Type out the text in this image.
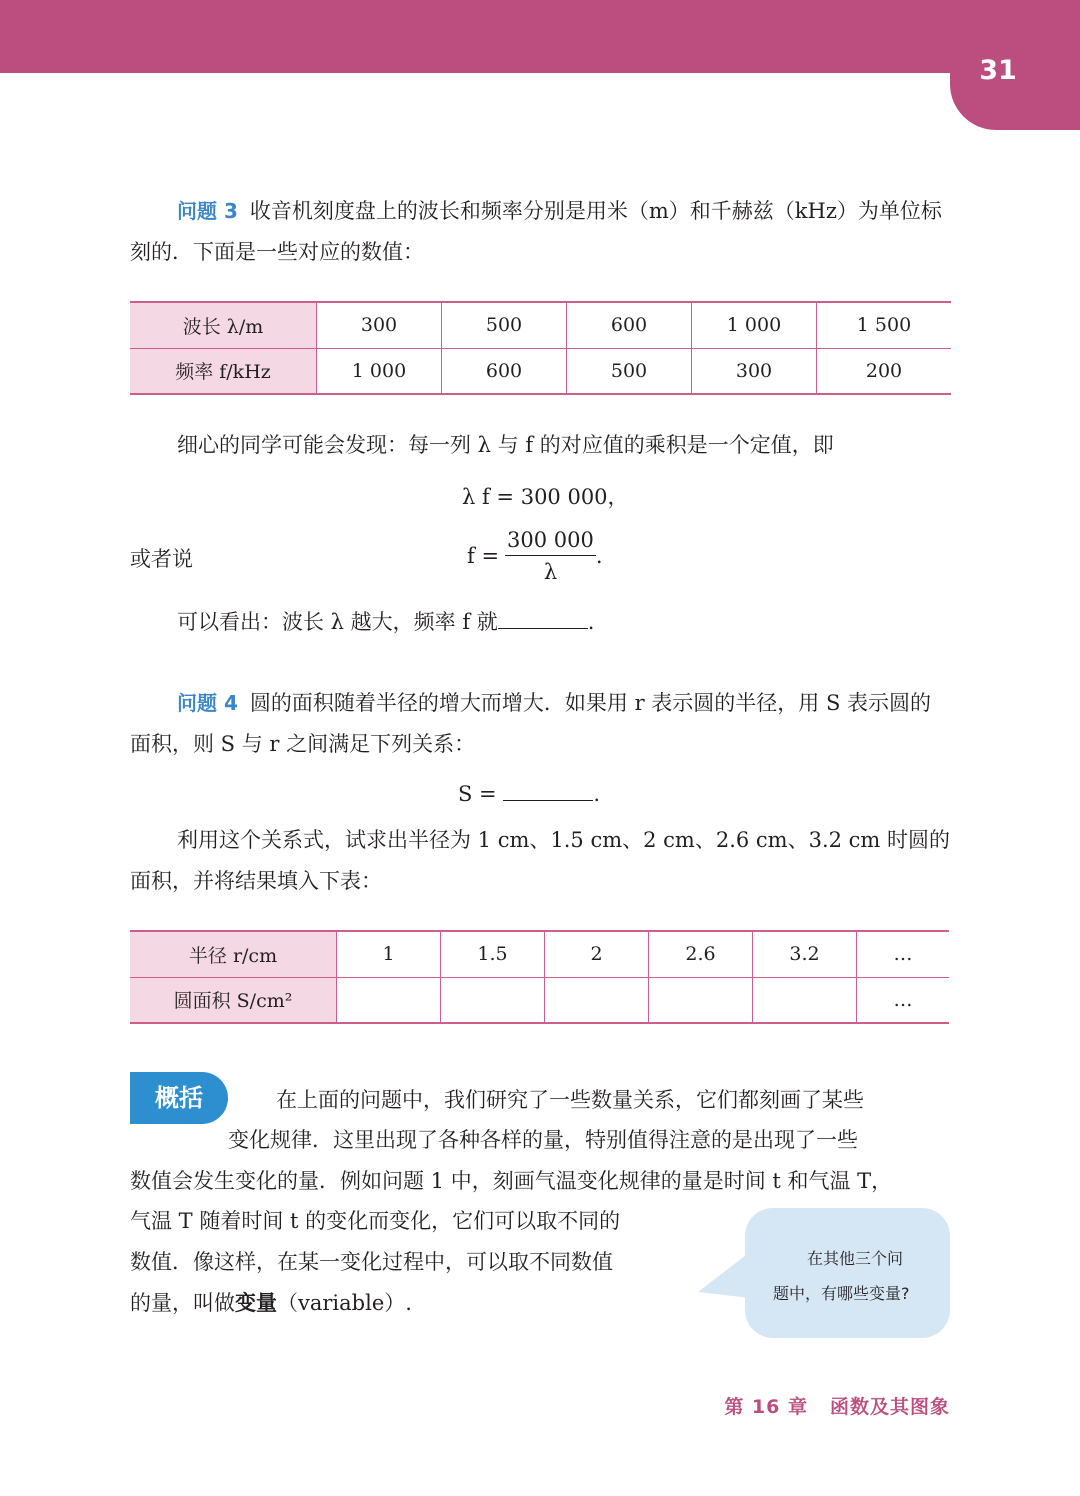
31

问题 3 收音机刻度盘上的波长和频率分别是用米（m）和千赫兹（kHz）为单位标刻的．下面是一些对应的数值：

波长 λ/m	300	500	600	1 000	1 500
频率 f/kHz	1 000	600	500	300	200

细心的同学可能会发现：每一列 λ 与 f 的对应值的乘积是一个定值，即

λ f = 300 000，
或者说	$f = \frac{300 000}{\lambda}$ .

可以看出：波长 λ 越大，频率 f 就	.

问题 4 圆的面积随着半径的增大而增大．如果用 r 表示圆的半径，用 S 表示圆的面积，则 S 与 r 之间满足下列关系：

S =	.

利用这个关系式，试求出半径为 1 cm、1.5 cm、2 cm、2.6 cm、3.2 cm 时圆的面积，并将结果填入下表：

半径 r/cm	1	1.5	2	2.6	3.2	…
圆面积 S/cm²						…
概括	在上面的问题中，我们研究了一些数量关系，它们都刻画了某些
变化规律．这里出现了各种各样的量，特别值得注意的是出现了一些
数值会发生变化的量．例如问题 1 中，刻画气温变化规律的量是时间 t 和气温 T，
气温 T 随着时间 t 的变化而变化，它们可以取不同的
数值．像这样，在某一变化过程中，可以取不同数值
的量，叫做变量（variable）.
在其他三个问
题中，有哪些变量?
第 16 章 函数及其图象
